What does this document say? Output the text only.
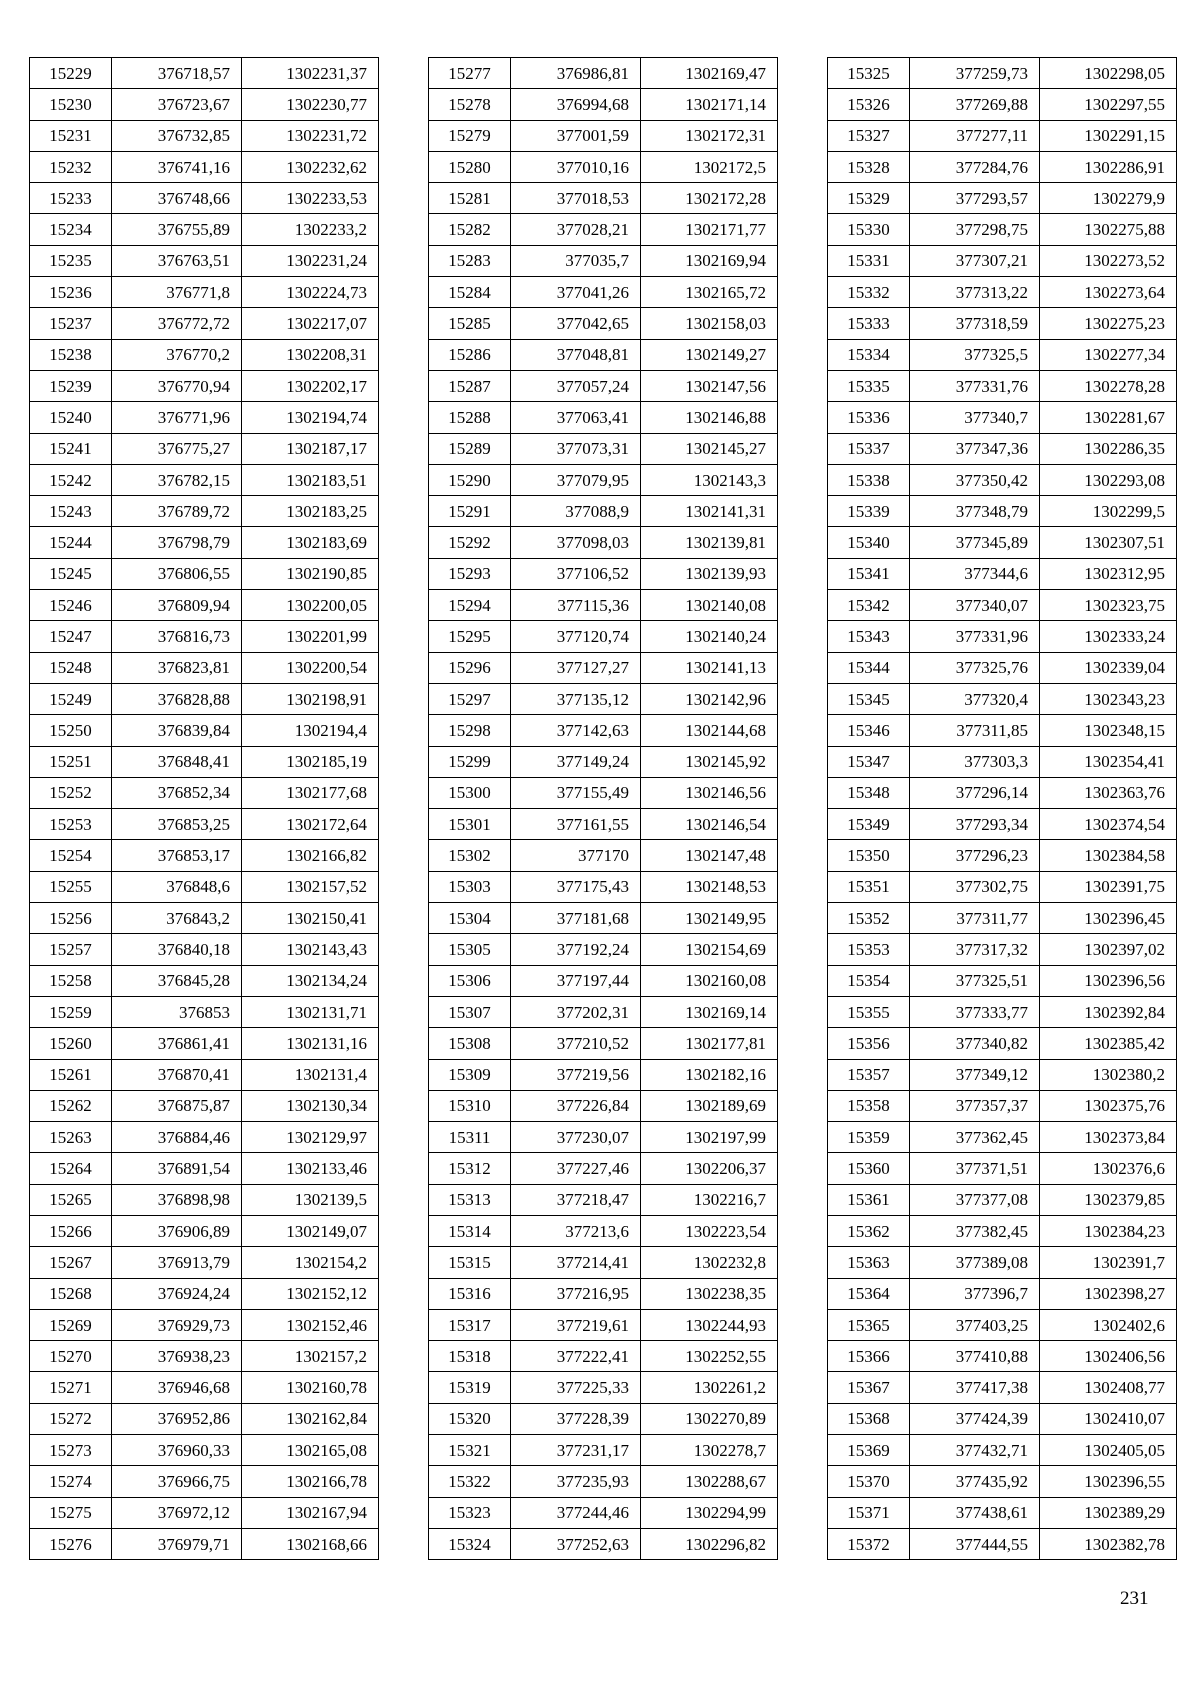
15229	376718,57	1302231,37
15230	376723,67	1302230,77
15231	376732,85	1302231,72
15232	376741,16	1302232,62
15233	376748,66	1302233,53
15234	376755,89	1302233,2
15235	376763,51	1302231,24
15236	376771,8	1302224,73
15237	376772,72	1302217,07
15238	376770,2	1302208,31
15239	376770,94	1302202,17
15240	376771,96	1302194,74
15241	376775,27	1302187,17
15242	376782,15	1302183,51
15243	376789,72	1302183,25
15244	376798,79	1302183,69
15245	376806,55	1302190,85
15246	376809,94	1302200,05
15247	376816,73	1302201,99
15248	376823,81	1302200,54
15249	376828,88	1302198,91
15250	376839,84	1302194,4
15251	376848,41	1302185,19
15252	376852,34	1302177,68
15253	376853,25	1302172,64
15254	376853,17	1302166,82
15255	376848,6	1302157,52
15256	376843,2	1302150,41
15257	376840,18	1302143,43
15258	376845,28	1302134,24
15259	376853	1302131,71
15260	376861,41	1302131,16
15261	376870,41	1302131,4
15262	376875,87	1302130,34
15263	376884,46	1302129,97
15264	376891,54	1302133,46
15265	376898,98	1302139,5
15266	376906,89	1302149,07
15267	376913,79	1302154,2
15268	376924,24	1302152,12
15269	376929,73	1302152,46
15270	376938,23	1302157,2
15271	376946,68	1302160,78
15272	376952,86	1302162,84
15273	376960,33	1302165,08
15274	376966,75	1302166,78
15275	376972,12	1302167,94
15276	376979,71	1302168,66
15277	376986,81	1302169,47
15278	376994,68	1302171,14
15279	377001,59	1302172,31
15280	377010,16	1302172,5
15281	377018,53	1302172,28
15282	377028,21	1302171,77
15283	377035,7	1302169,94
15284	377041,26	1302165,72
15285	377042,65	1302158,03
15286	377048,81	1302149,27
15287	377057,24	1302147,56
15288	377063,41	1302146,88
15289	377073,31	1302145,27
15290	377079,95	1302143,3
15291	377088,9	1302141,31
15292	377098,03	1302139,81
15293	377106,52	1302139,93
15294	377115,36	1302140,08
15295	377120,74	1302140,24
15296	377127,27	1302141,13
15297	377135,12	1302142,96
15298	377142,63	1302144,68
15299	377149,24	1302145,92
15300	377155,49	1302146,56
15301	377161,55	1302146,54
15302	377170	1302147,48
15303	377175,43	1302148,53
15304	377181,68	1302149,95
15305	377192,24	1302154,69
15306	377197,44	1302160,08
15307	377202,31	1302169,14
15308	377210,52	1302177,81
15309	377219,56	1302182,16
15310	377226,84	1302189,69
15311	377230,07	1302197,99
15312	377227,46	1302206,37
15313	377218,47	1302216,7
15314	377213,6	1302223,54
15315	377214,41	1302232,8
15316	377216,95	1302238,35
15317	377219,61	1302244,93
15318	377222,41	1302252,55
15319	377225,33	1302261,2
15320	377228,39	1302270,89
15321	377231,17	1302278,7
15322	377235,93	1302288,67
15323	377244,46	1302294,99
15324	377252,63	1302296,82
15325	377259,73	1302298,05
15326	377269,88	1302297,55
15327	377277,11	1302291,15
15328	377284,76	1302286,91
15329	377293,57	1302279,9
15330	377298,75	1302275,88
15331	377307,21	1302273,52
15332	377313,22	1302273,64
15333	377318,59	1302275,23
15334	377325,5	1302277,34
15335	377331,76	1302278,28
15336	377340,7	1302281,67
15337	377347,36	1302286,35
15338	377350,42	1302293,08
15339	377348,79	1302299,5
15340	377345,89	1302307,51
15341	377344,6	1302312,95
15342	377340,07	1302323,75
15343	377331,96	1302333,24
15344	377325,76	1302339,04
15345	377320,4	1302343,23
15346	377311,85	1302348,15
15347	377303,3	1302354,41
15348	377296,14	1302363,76
15349	377293,34	1302374,54
15350	377296,23	1302384,58
15351	377302,75	1302391,75
15352	377311,77	1302396,45
15353	377317,32	1302397,02
15354	377325,51	1302396,56
15355	377333,77	1302392,84
15356	377340,82	1302385,42
15357	377349,12	1302380,2
15358	377357,37	1302375,76
15359	377362,45	1302373,84
15360	377371,51	1302376,6
15361	377377,08	1302379,85
15362	377382,45	1302384,23
15363	377389,08	1302391,7
15364	377396,7	1302398,27
15365	377403,25	1302402,6
15366	377410,88	1302406,56
15367	377417,38	1302408,77
15368	377424,39	1302410,07
15369	377432,71	1302405,05
15370	377435,92	1302396,55
15371	377438,61	1302389,29
15372	377444,55	1302382,78
231
